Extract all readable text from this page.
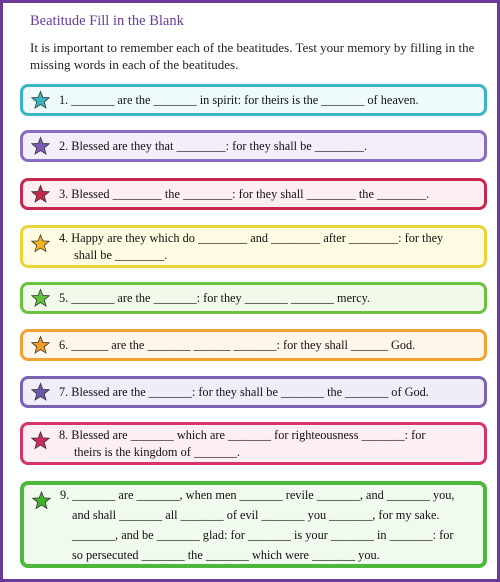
Beatitude Fill in the Blank
It is important to remember each of the beatitudes. Test your memory by filling in the missing words in each of the beatitudes.
1. _______ are the _______ in spirit: for theirs is the _______ of heaven.
2. Blessed are they that ________: for they shall be ________.
3. Blessed ________ the ________: for they shall ________ the ________.
4. Happy are they which do ________ and ________ after ________: for they
shall be ________.
5. _______ are the _______: for they _______ _______ mercy.
6. ______ are the _______ ______ _______: for they shall ______ God.
7. Blessed are the _______: for they shall be _______ the _______ of God.
8. Blessed are _______ which are _______ for righteousness _______: for
theirs is the kingdom of _______.
9. _______ are _______, when men _______ revile _______, and _______ you,
and shall _______ all _______ of evil _______ you _______, for my sake.
_______, and be _______ glad: for _______ is your _______ in _______: for
so persecuted _______ the _______ which were _______ you.
